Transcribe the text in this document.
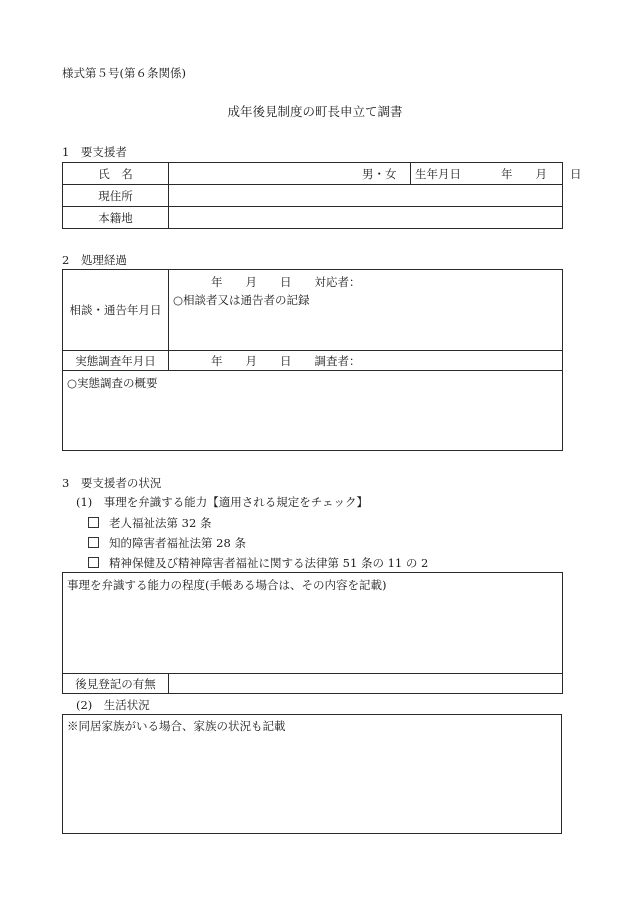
様式第５号(第６条関係)
成年後見制度の町長申立て調書
1　要支援者
氏　名		男・女	生年月日 年　　月　　日
現住所			
本籍地			
2　処理経過
相談・通告年月日	年　　月　　日　　対応者：
○相談者又は通告者の記録

実態調査年月日	年　　月　　日　　調査者：

○実態調査の概要	
3　要支援者の状況
(1)　事理を弁識する能力【適用される規定をチェック】
老人福祉法第 32 条
知的障害者福祉法第 28 条
精神保健及び精神障害者福祉に関する法律第 51 条の 11 の 2
事理を弁識する能力の程度(手帳ある場合は、その内容を記載)

後見登記の有無	
(2)　生活状況
※同居家族がいる場合、家族の状況も記載
